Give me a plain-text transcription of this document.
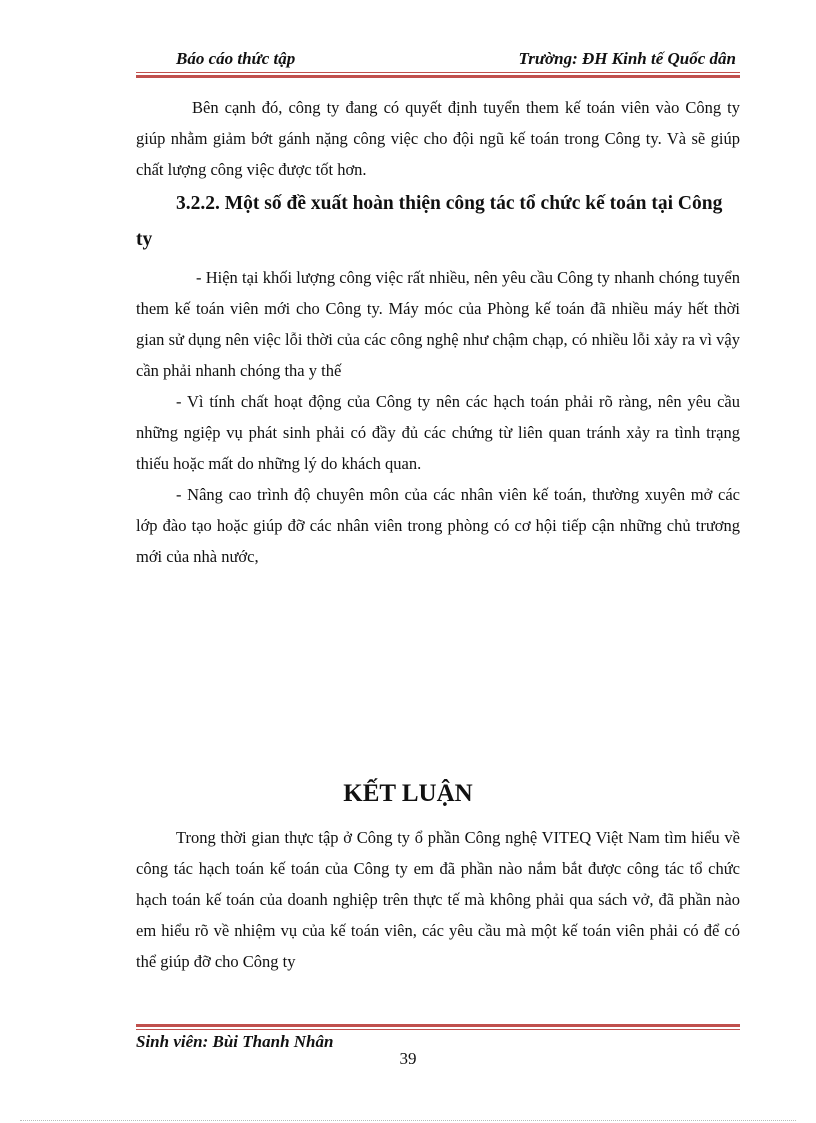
Báo cáo thức tập	Trường: ĐH Kinh tế Quốc dân

Bên cạnh đó, công ty đang có quyết định tuyển them kế toán viên vào Công ty giúp nhằm giảm bớt gánh nặng công việc cho đội ngũ kế toán trong Công ty. Và sẽ giúp chất lượng công việc được tốt hơn.

3.2.2. Một số đề xuất hoàn thiện công tác tổ chức kế toán tại Công ty

- Hiện tại khối lượng công việc rất nhiều, nên yêu cầu Công ty nhanh chóng tuyển them kế toán viên mới cho Công ty. Máy móc của Phòng kế toán đã nhiều máy hết thời gian sử dụng nên việc lỗi thời của các công nghệ như chậm chạp, có nhiều lỗi xảy ra vì vậy cần phải nhanh chóng tha y thế

- Vì tính chất hoạt động của Công ty nên các hạch toán phải rõ ràng, nên yêu cầu những ngiệp vụ phát sinh phải có đầy đủ các chứng từ liên quan tránh xảy ra tình trạng thiếu hoặc mất do những lý do khách quan.

- Nâng cao trình độ chuyên môn của các nhân viên kế toán, thường xuyên mở các lớp đào tạo hoặc giúp đỡ các nhân viên trong phòng có cơ hội tiếp cận những chủ trương mới của nhà nước,

KẾT LUẬN

Trong thời gian thực tập ở Công ty ổ phần Công nghệ VITEQ Việt Nam tìm hiểu về công tác hạch toán kế toán của Công ty em đã phần nào nắm bắt được công tác tổ chức hạch toán kế toán của doanh nghiệp trên thực tế mà không phải qua sách vở, đã phần nào em hiểu rõ về nhiệm vụ của kế toán viên, các yêu cầu mà một kế toán viên phải có để có thể giúp đỡ cho Công ty

Sinh viên: Bùi Thanh Nhân
39
